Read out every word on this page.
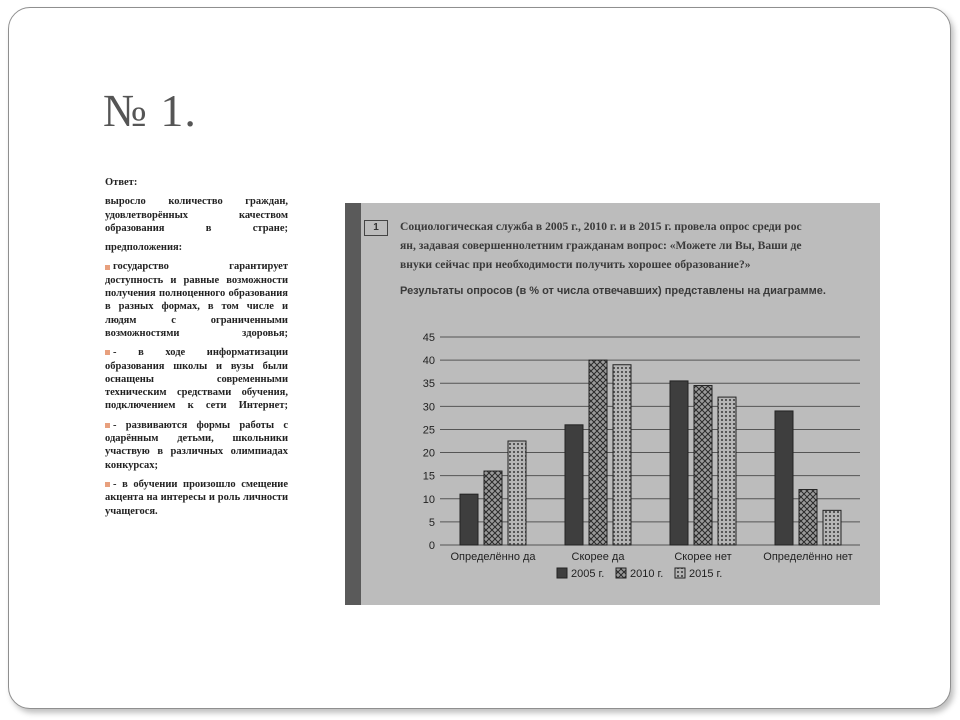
№ 1.

Ответ:

выросло количество граждан, удовлетворённых качеством образования в стране;

предположения:

государство гарантирует доступность и равные возможности получения полноценного образования в разных формах, в том числе и людям с ограниченными возможностями здоровья;

- в ходе информатизации образования школы и вузы были оснащены современными техническим средствами обучения, подключением к сети Интернет;

- развиваются формы работы с одарённым детьми, школьники участвую в различных олимпиадах конкурсах;

- в обучении произошло смещение акцента на интересы и роль личности учащегося.

1	Социологическая служба в 2005 г., 2010 г. и в 2015 г. провела опрос среди рос
ян, задавая совершеннолетним гражданам вопрос: «Можете ли Вы, Ваши де
внуки сейчас при необходимости получить хорошее образование?»
Результаты опросов (в % от числа отвечавших) представлены на диаграмме.
0
5
10
15
20
25
30
35
40
45
Определённо да	Скорее да	Скорее нет	Определённо нет
2005 г. 2010 г. 2015 г.
